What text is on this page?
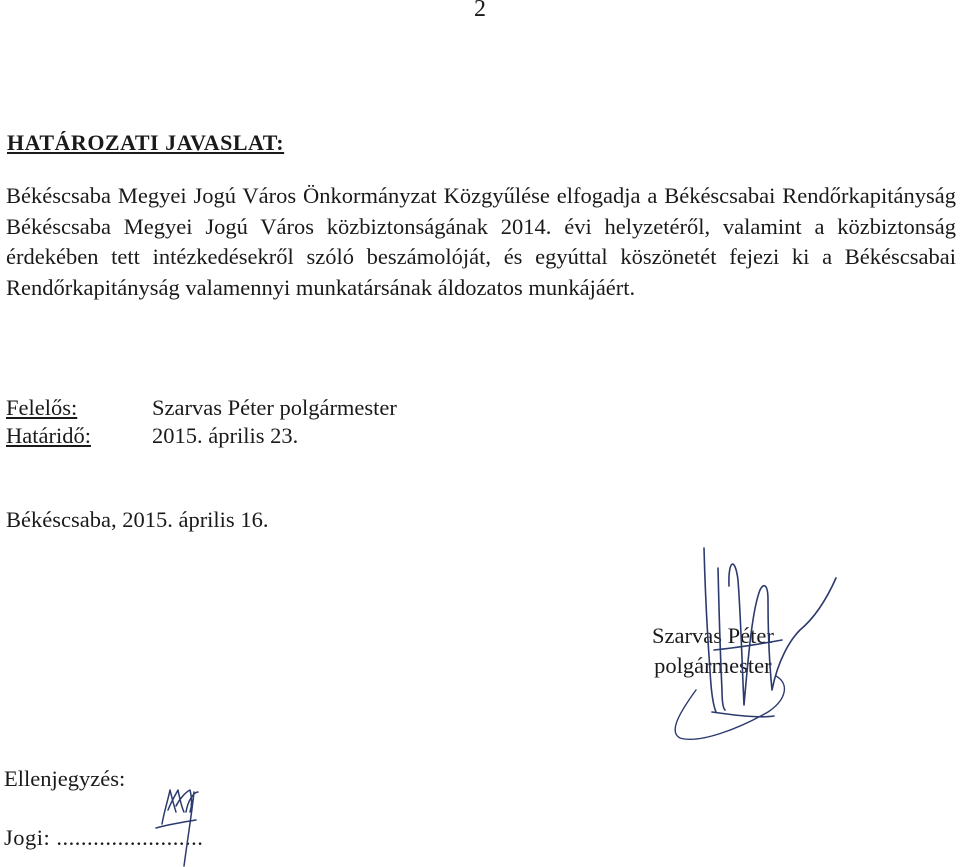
2
HATÁROZATI JAVASLAT:
Békéscsaba Megyei Jogú Város Önkormányzat Közgyűlése elfogadja a Békéscsabai Rendőrkapitányság Békéscsaba Megyei Jogú Város közbiztonságának 2014. évi helyzetéről, valamint a közbiztonság érdekében tett intézkedésekről szóló beszámolóját, és egyúttal köszönetét fejezi ki a Békéscsabai Rendőrkapitányság valamennyi munkatársának áldozatos munkájáért.
Felelős:	Szarvas Péter polgármester
Határidő:	2015. április 23.
Békéscsaba, 2015. április 16.
Szarvas Péter
polgármester
Ellenjegyzés:
Jogi: ........................
